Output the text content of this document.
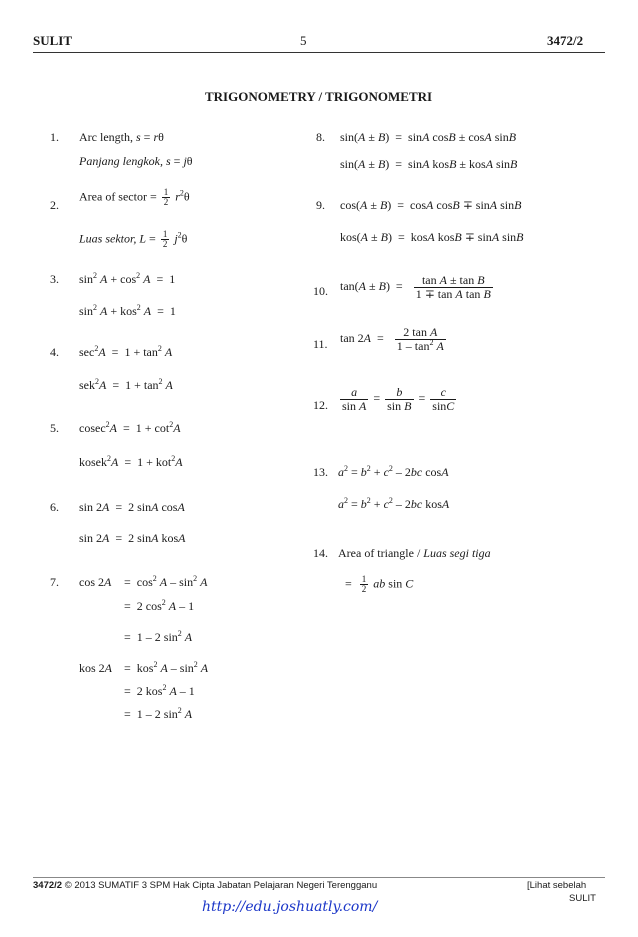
SULIT	5	3472/2
TRIGONOMETRY / TRIGONOMETRI
1. Arc length, s = rθ
Panjang lengkok, s = jθ
2.
Area of sector = $\frac{1}{2} r^2\theta$
Luas sektor, $L = \frac{1}{2} j^2\theta$
3. $\sin^2 A + \cos^2 A = 1$
$\sin^2 A + kos^2$ A  =  1
4. $\sec^2A = 1 + \tan^2 A$
$sek^2A = 1 + \tan^2 A$
5. $cosec^2A = 1 + \cot^2A$
kosek$^2$A  =  1 + kot$^2$A
6. sin 2A  =  2 sinA cosA
sin 2A  =  2 sinA kosA
7. $\cos 2A = \cos^2 A - \sin^2 A$
=  2 $\cos^2 A - 1$
=  1 – 2 $\sin^2 A$
kos 2A =  kos$^2$ A – $\sin^2 A$
=  2 kos$^2$ A – 1
=  1 – 2 $\sin^2 A$
8. sin(A ± B)  =  sinA cosB ± cosA sinB
sin(A ± B)  =  sinA kosB ± kosA sinB
9. cos(A ± B)  =  cosA cosB ∓ sinA sinB
kos(A ± B)  =  kosA kosB ∓ sinA sinB
10. $\tan(A \pm B) = \frac{\text{tan A ± tan B}}{\text{1 ∓ tan A tan B}}$
11. $\tan 2A = \frac{\text{2 tan A}}{1 - \tan^2 A}$
12. $\frac{a}{\text{sin A}} = \frac{b}{\text{sin B}} = \frac{c}{\sin C}$
13. $a^2 = b^2 + c^2 - 2bc$ cosA
$a^2 = b^2 + c^2 - 2bc$ kosA
14. Area of triangle / Luas segi tiga
= $\frac{1}{2}$ ab sin C
3472/2 © 2013 SUMATIF 3 SPM Hak Cipta Jabatan Pelajaran Negeri Terengganu	[Lihat sebelah
SULIT
http://edu.joshuatly.com/
